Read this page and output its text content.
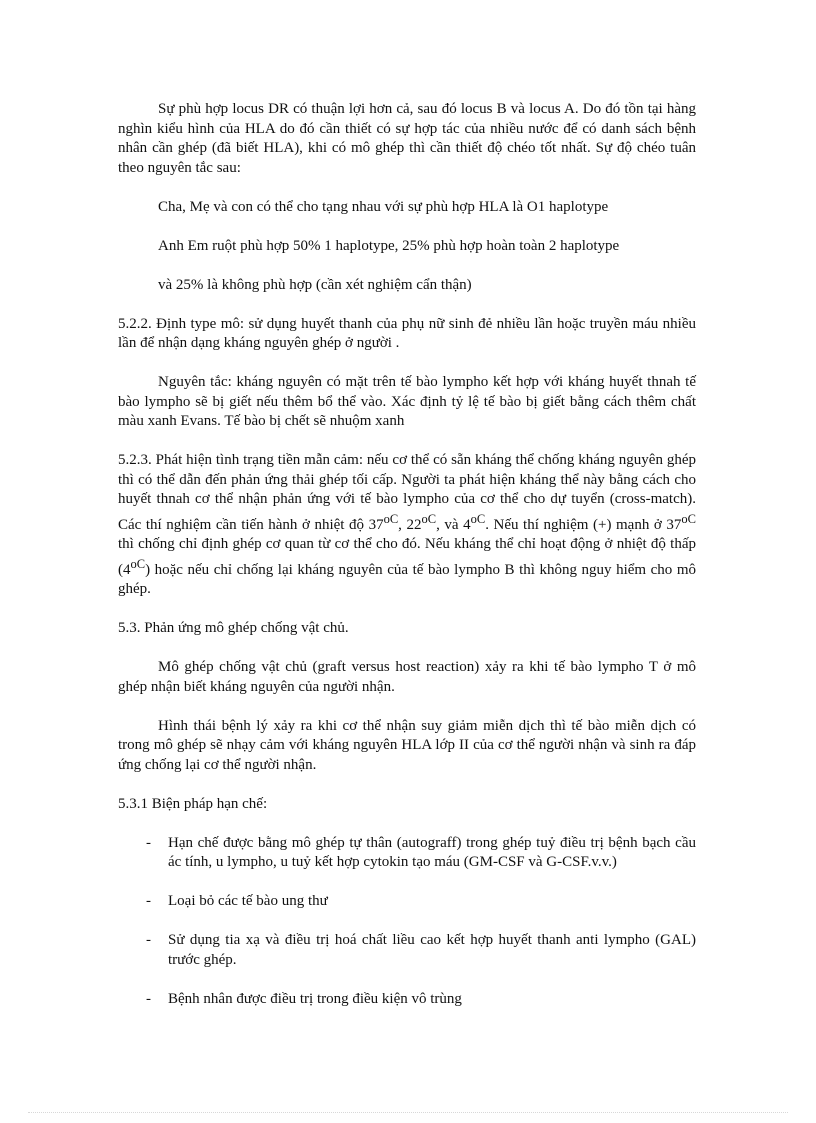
Sự phù hợp locus DR có thuận lợi hơn cả, sau đó locus B và locus A. Do đó tồn tại hàng nghìn kiểu hình của HLA do đó cần thiết có sự hợp tác của nhiều nước để có danh sách bệnh nhân cần ghép (đã biết HLA), khi có mô ghép thì cần thiết độ chéo tốt nhất. Sự độ chéo tuân theo nguyên tắc sau:

Cha, Mẹ và con có thể cho tạng nhau với sự phù hợp HLA là O1 haplotype

Anh Em ruột phù hợp 50% 1 haplotype, 25% phù hợp hoàn toàn 2 haplotype

và 25% là không phù hợp (cần xét nghiệm cẩn thận)

5.2.2. Định type mô: sử dụng huyết thanh của phụ nữ sinh đẻ nhiều lần hoặc truyền máu nhiều lần để nhận dạng kháng nguyên ghép ở người .

Nguyên tắc: kháng nguyên có mặt trên tế bào lympho kết hợp với kháng huyết thnah tế bào lympho sẽ bị giết nếu thêm bổ thể vào. Xác định tỷ lệ tế bào bị giết bằng cách thêm chất màu xanh Evans. Tế bào bị chết sẽ nhuộm xanh

5.2.3. Phát hiện tình trạng tiền mẫn cảm: nếu cơ thể có sẵn kháng thể chống kháng nguyên ghép thì có thể dẫn đến phản ứng thải ghép tối cấp. Người ta phát hiện kháng thể này bằng cách cho huyết thnah cơ thể nhận phản ứng với tế bào lympho của cơ thể cho dự tuyển (cross-match). Các thí nghiệm cần tiến hành ở nhiệt độ $37^{oC}$, $22^{oC}$, và $4^{oC}$. Nếu thí nghiệm (+) mạnh ở $37^{oC}$ thì chống chỉ định ghép cơ quan từ cơ thể cho đó. Nếu kháng thể chỉ hoạt động ở nhiệt độ thấp $(4^{oC})$ hoặc nếu chỉ chống lại kháng nguyên của tế bào lympho B thì không nguy hiểm cho mô ghép.

5.3. Phản ứng mô ghép chống vật chủ.

Mô ghép chống vật chủ (graft versus host reaction) xảy ra khi tế bào lympho T ở mô ghép nhận biết kháng nguyên của người nhận.

Hình thái bệnh lý xảy ra khi cơ thể nhận suy giảm miễn dịch thì tế bào miễn dịch có trong mô ghép sẽ nhạy cảm với kháng nguyên HLA lớp II của cơ thể người nhận và sinh ra đáp ứng chống lại cơ thể người nhận.

5.3.1 Biện pháp hạn chế:

- Hạn chế được bằng mô ghép tự thân (autograff) trong ghép tuỷ điều trị bệnh bạch cầu ác tính, u lympho, u tuỷ kết hợp cytokin tạo máu (GM-CSF và G-CSF.v.v.)
- Loại bỏ các tế bào ung thư
- Sử dụng tia xạ và điều trị hoá chất liều cao kết hợp huyết thanh anti lympho (GAL) trước ghép.
- Bệnh nhân được điều trị trong điều kiện vô trùng
